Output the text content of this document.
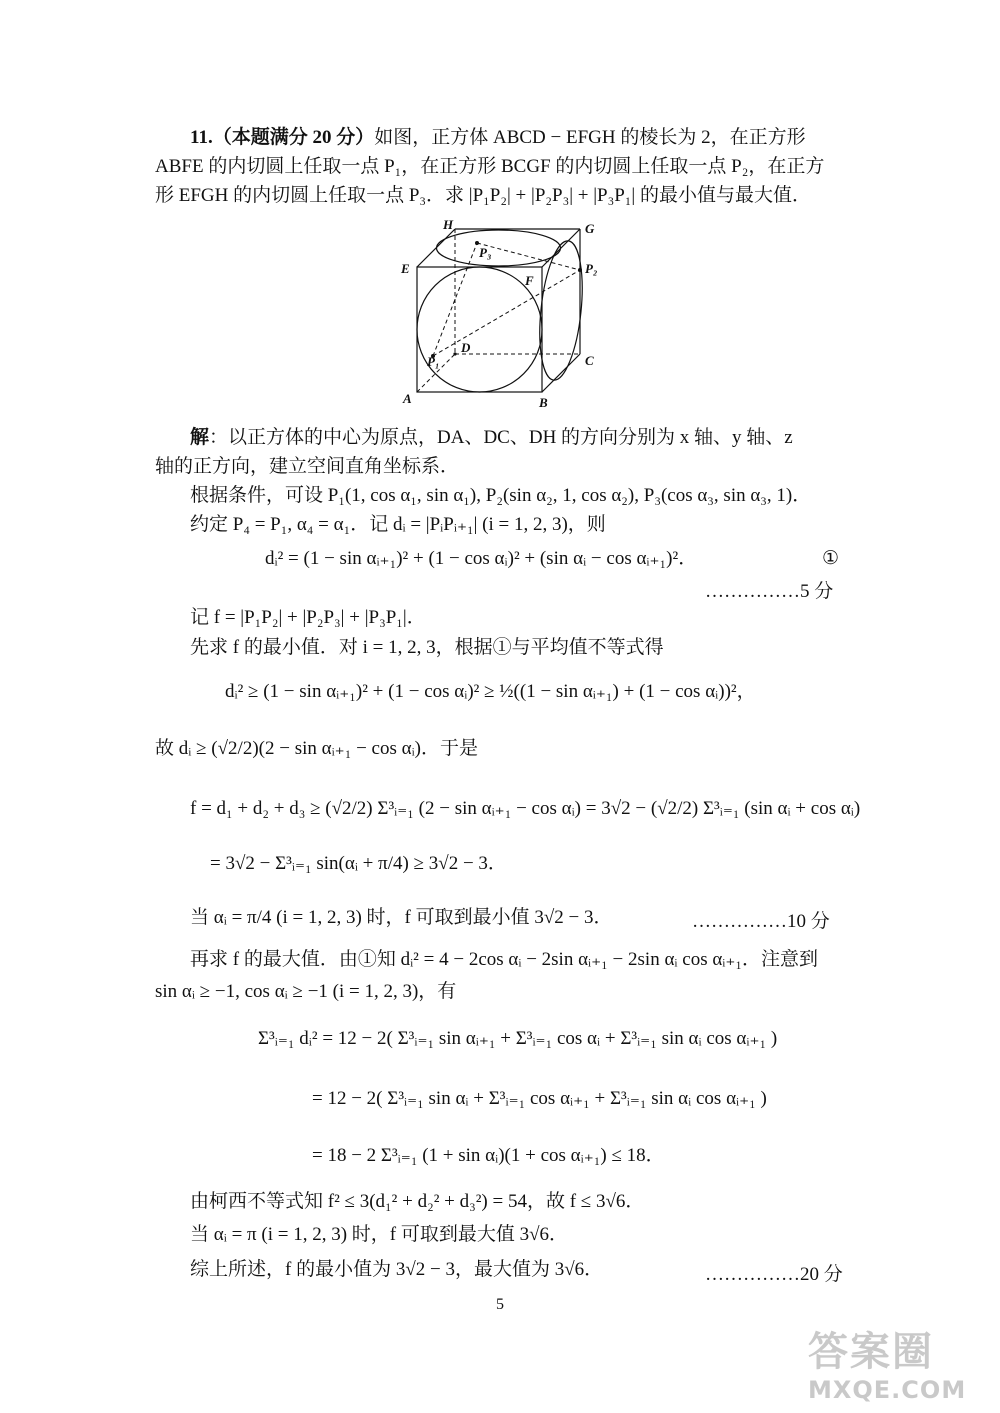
11.（本题满分 20 分）如图，正方体 ABCD − EFGH 的棱长为 2，在正方形
ABFE 的内切圆上任取一点 P₁，在正方形 BCGF 的内切圆上任取一点 P₂，在正方
形 EFGH 的内切圆上任取一点 P₃．求 |P₁P₂| + |P₂P₃| + |P₃P₁| 的最小值与最大值．
H	G
E
F
P₂
P₃
D
P₁	C
A	B
解：以正方体的中心为原点，DA、DC、DH 的方向分别为 x 轴、y 轴、z
轴的正方向，建立空间直角坐标系．
根据条件，可设 P₁(1, cos α₁, sin α₁), P₂(sin α₂, 1, cos α₂), P₃(cos α₃, sin α₃, 1)．
约定 P₄ = P₁, α₄ = α₁．记 dᵢ = |PᵢPᵢ₊₁| (i = 1, 2, 3)，则
dᵢ² = (1 − sin αᵢ₊₁)² + (1 − cos αᵢ)² + (sin αᵢ − cos αᵢ₊₁)²．	①
……………5 分
记 f = |P₁P₂| + |P₂P₃| + |P₃P₁|．
先求 f 的最小值．对 i = 1, 2, 3，根据①与平均值不等式得
dᵢ² ≥ (1 − sin αᵢ₊₁)² + (1 − cos αᵢ)² ≥ ½((1 − sin αᵢ₊₁) + (1 − cos αᵢ))²，
故 dᵢ ≥ (√2/2)(2 − sin αᵢ₊₁ − cos αᵢ)．于是
f = d₁ + d₂ + d₃ ≥ (√2/2) Σ³ᵢ₌₁ (2 − sin αᵢ₊₁ − cos αᵢ) = 3√2 − (√2/2) Σ³ᵢ₌₁ (sin αᵢ + cos αᵢ)
= 3√2 − Σ³ᵢ₌₁ sin(αᵢ + π/4) ≥ 3√2 − 3．
当 αᵢ = π/4 (i = 1, 2, 3) 时，f 可取到最小值 3√2 − 3．	……………10 分
再求 f 的最大值．由①知 dᵢ² = 4 − 2cos αᵢ − 2sin αᵢ₊₁ − 2sin αᵢ cos αᵢ₊₁．注意到
sin αᵢ ≥ −1, cos αᵢ ≥ −1 (i = 1, 2, 3)，有
Σ³ᵢ₌₁ dᵢ² = 12 − 2( Σ³ᵢ₌₁ sin αᵢ₊₁ + Σ³ᵢ₌₁ cos αᵢ + Σ³ᵢ₌₁ sin αᵢ cos αᵢ₊₁ )
= 12 − 2( Σ³ᵢ₌₁ sin αᵢ + Σ³ᵢ₌₁ cos αᵢ₊₁ + Σ³ᵢ₌₁ sin αᵢ cos αᵢ₊₁ )
= 18 − 2 Σ³ᵢ₌₁ (1 + sin αᵢ)(1 + cos αᵢ₊₁) ≤ 18．
由柯西不等式知 f² ≤ 3(d₁² + d₂² + d₃²) = 54，故 f ≤ 3√6．
当 αᵢ = π (i = 1, 2, 3) 时，f 可取到最大值 3√6．
综上所述，f 的最小值为 3√2 − 3，最大值为 3√6．	……………20 分
5
答案圈
MXQE.COM
